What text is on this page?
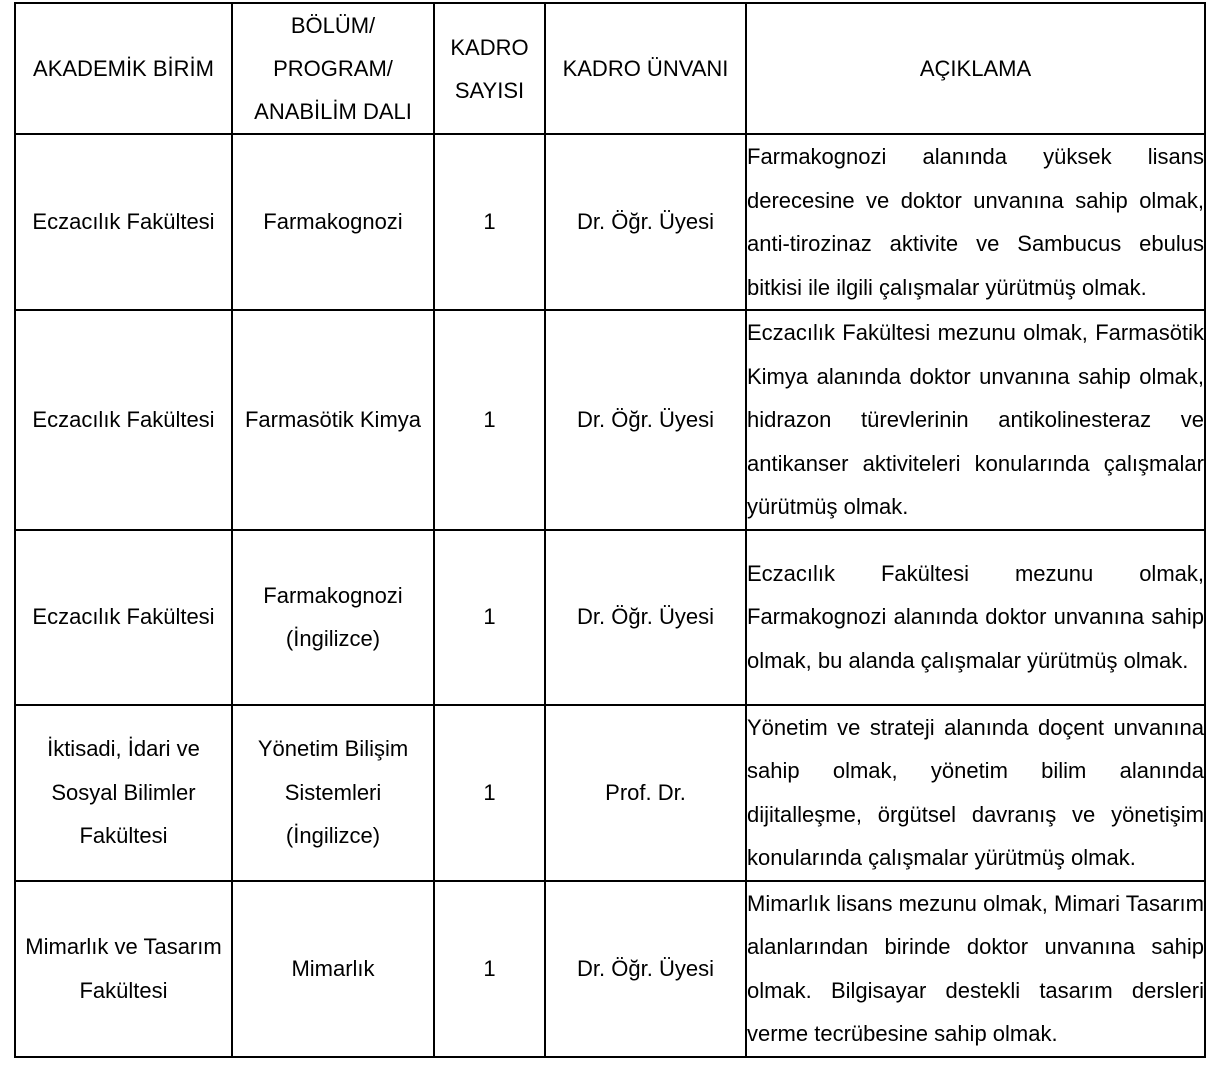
AKADEMİK BİRİM	BÖLÜM/ PROGRAM/ ANABİLİM DALI	KADRO SAYISI	KADRO ÜNVANI	AÇIKLAMA
Eczacılık Fakültesi	Farmakognozi	1	Dr. Öğr. Üyesi	Farmakognozi alanında yüksek lisans derecesine ve doktor unvanına sahip olmak, anti-tirozinaz aktivite ve Sambucus ebulus bitkisi ile ilgili çalışmalar yürütmüş olmak.
Eczacılık Fakültesi	Farmasötik Kimya	1	Dr. Öğr. Üyesi	Eczacılık Fakültesi mezunu olmak, Farmasötik Kimya alanında doktor unvanına sahip olmak, hidrazon türevlerinin antikolinesteraz ve antikanser aktiviteleri konularında çalışmalar yürütmüş olmak.
Eczacılık Fakültesi	Farmakognozi (İngilizce)	1	Dr. Öğr. Üyesi	Eczacılık Fakültesi mezunu olmak, Farmakognozi alanında doktor unvanına sahip olmak, bu alanda çalışmalar yürütmüş olmak.
İktisadi, İdari ve Sosyal Bilimler Fakültesi	Yönetim Bilişim Sistemleri (İngilizce)	1	Prof. Dr.	Yönetim ve strateji alanında doçent unvanına sahip olmak, yönetim bilim alanında dijitalleşme, örgütsel davranış ve yönetişim konularında çalışmalar yürütmüş olmak.
Mimarlık ve Tasarım Fakültesi	Mimarlık	1	Dr. Öğr. Üyesi	Mimarlık lisans mezunu olmak, Mimari Tasarım alanlarından birinde doktor unvanına sahip olmak. Bilgisayar destekli tasarım dersleri verme tecrübesine sahip olmak.
